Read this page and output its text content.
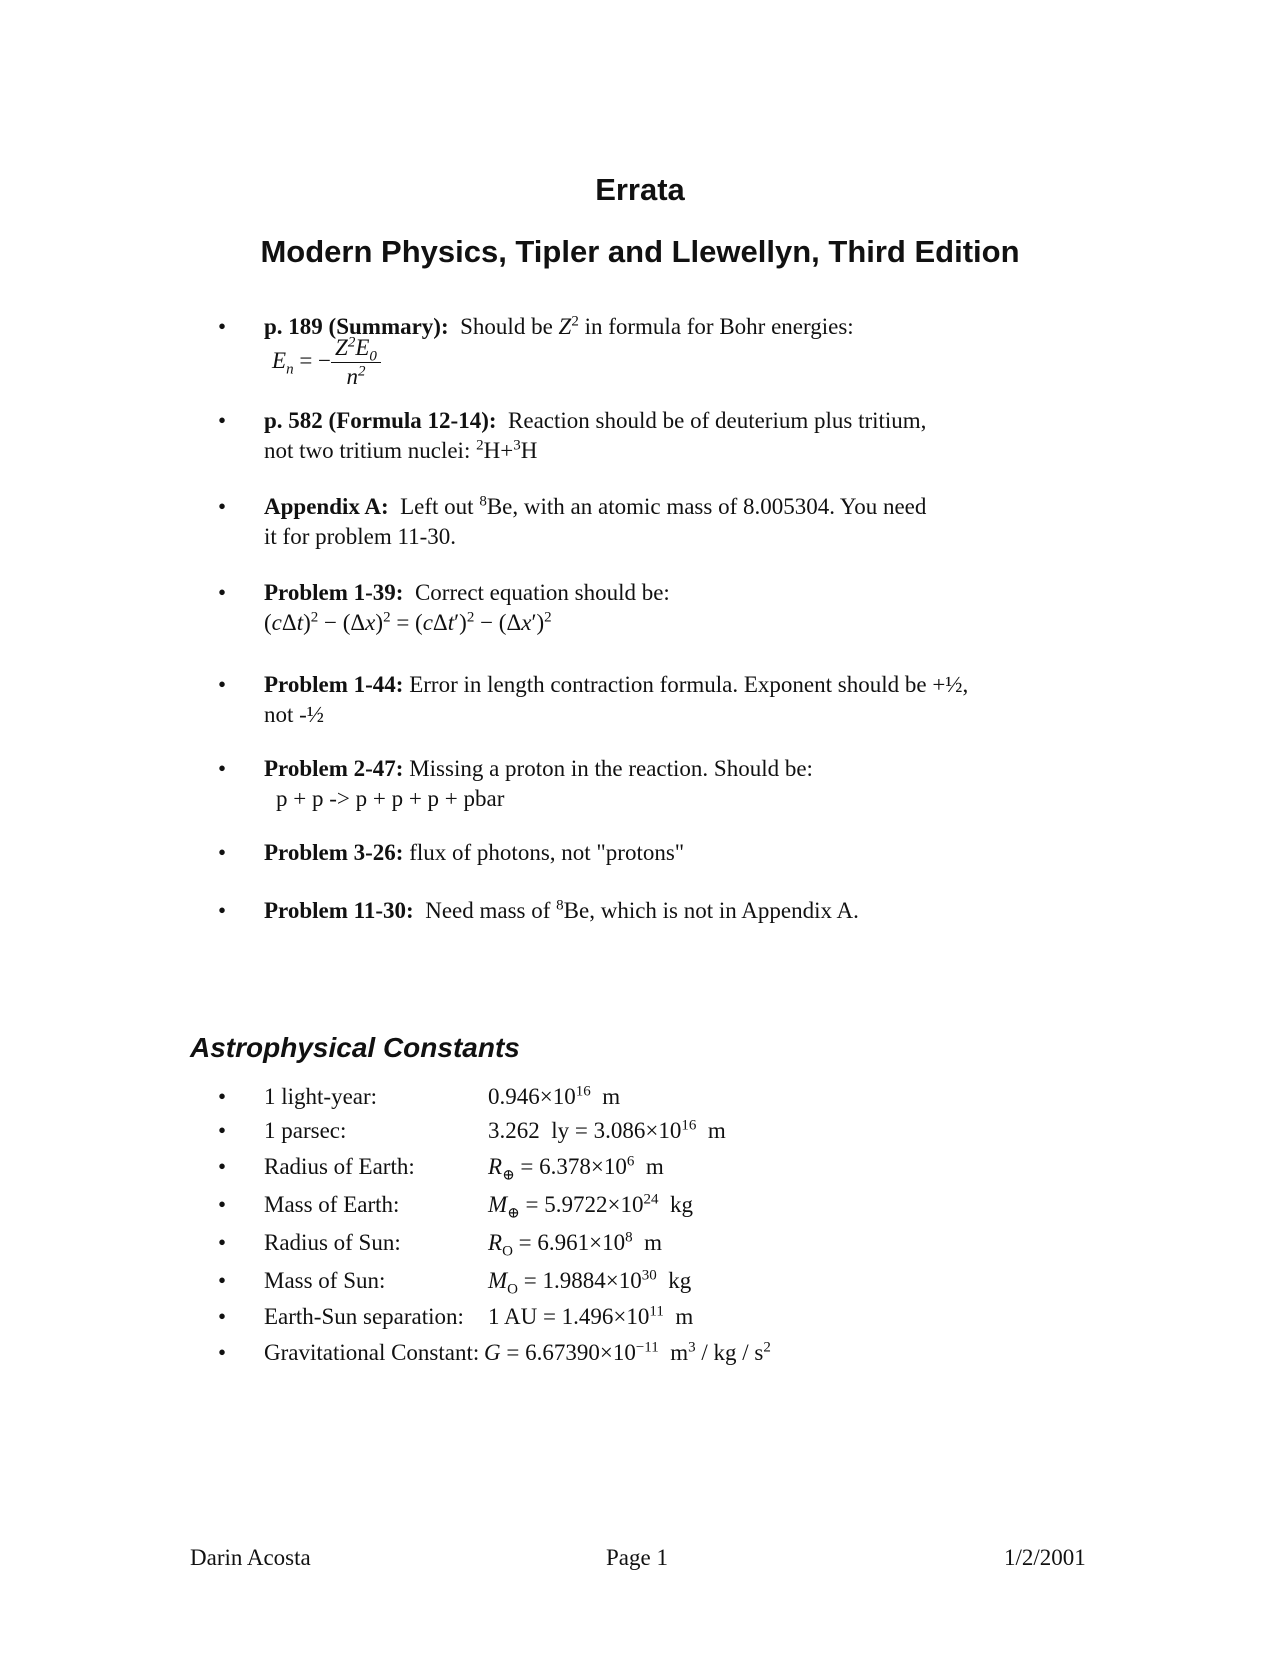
Errata
Modern Physics, Tipler and Llewellyn, Third Edition
• p. 189 (Summary): Should be $Z^2$ in formula for Bohr energies:
$E_n$ = − $\frac{Z^2E_0}{n^2}$
• p. 582 (Formula 12-14): Reaction should be of deuterium plus tritium,
not two tritium nuclei: $^2$H+$^3$H
• Appendix A: Left out $^8$Be, with an atomic mass of 8.005304. You need
it for problem 11-30.
• Problem 1-39: Correct equation should be:
$(c\Delta t)^2 - (\Delta x)^2 = (c\Delta t')^2 - (\Delta x')^2$
• Problem 1-44: Error in length contraction formula. Exponent should be +½,
not -½
• Problem 2-47: Missing a proton in the reaction. Should be:
p + p -> p + p + p + pbar
• Problem 3-26: flux of photons, not "protons"
• Problem 11-30: Need mass of $^8$Be, which is not in Appendix A.
Astrophysical Constants
• 1 light-year:	$0.946\times 10^{16}$  m
• 1 parsec:	3.262  ly = $3.086\times 10^{16}$  m
• Radius of Earth:	$R_\oplus = 6.378\times 10^6$  m
• Mass of Earth:	$M_\oplus = 5.9722\times 10^{24}$  kg
• Radius of Sun:	$R_O = 6.961\times 10^8$  m
• Mass of Sun:	$M_O = 1.9884\times 10^{30}$  kg
• Earth-Sun separation: 1 AU = $1.496\times 10^{11}$  m
• Gravitational Constant: $G = 6.67390\times 10^{-11}$  $m^3$ / kg / $s^2$
Darin Acosta	Page 1	1/2/2001
